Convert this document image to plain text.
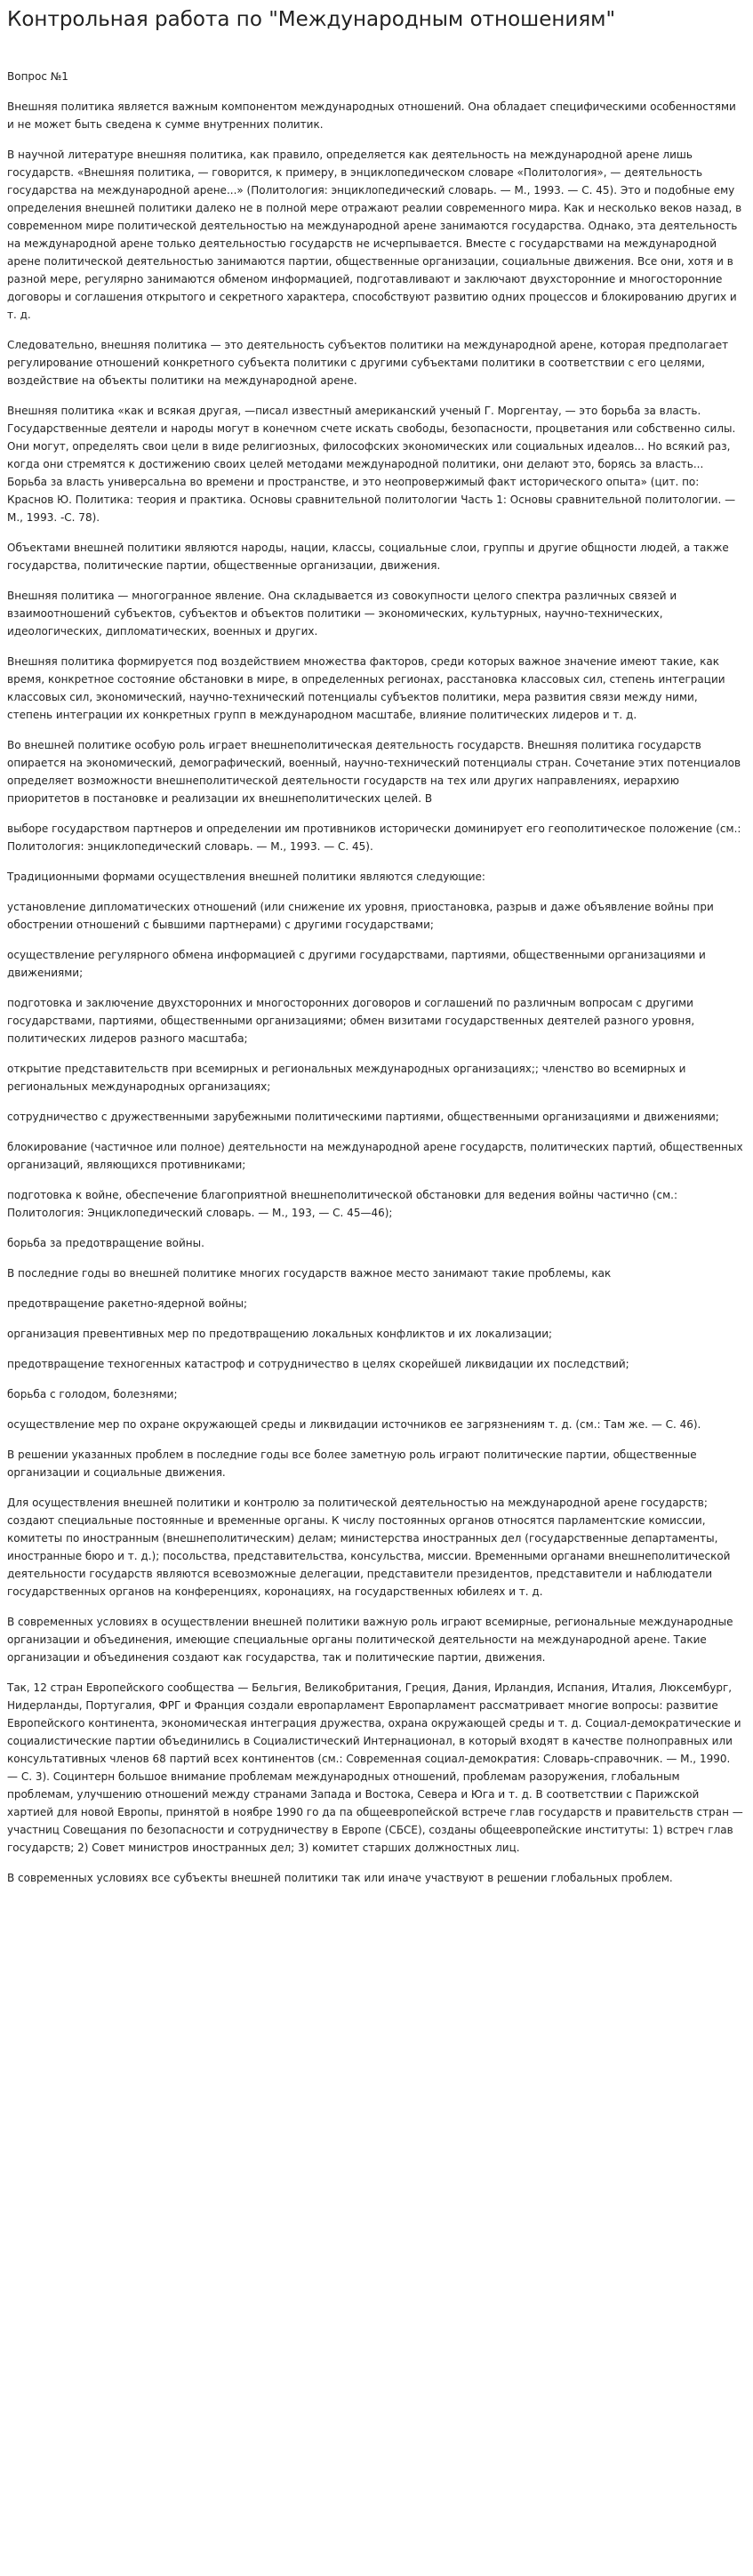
Контрольная работа по "Международным отношениям"
Вопрос №1
Внешняя политика является важным компонентом международных отношений. Она обладает специфическими особенностями и не может быть сведена к сумме внутренних политик.
В научной литературе внешняя политика, как правило, определяется как деятельность на международной арене лишь государств. «Внешняя политика, — говорится, к примеру, в энциклопедическом словаре «Политология», — деятельность государства на международной арене...» (Политология: энциклопедический словарь. — М., 1993. — С. 45). Это и подобные ему определения внешней политики далеко не в полной мере отражают реалии современного мира. Как и несколько веков назад, в современном мире политической деятельностью на международной арене занимаются государства. Однако, эта деятельность на международной арене только деятельностью государств не исчерпывается. Вместе с государствами на международной арене политической деятельностью занимаются партии, общественные организации, социальные движения. Все они, хотя и в разной мере, регулярно занимаются обменом информацией, подготавливают и заключают двухсторонние и многосторонние договоры и соглашения открытого и секретного характера, способствуют развитию одних процессов и блокированию других и т. д.
Следовательно, внешняя политика — это деятельность субъектов политики на международной арене, которая предполагает регулирование отношений конкретного субъекта политики с другими субъектами политики в соответствии с его целями, воздействие на объекты политики на международной арене.
Внешняя политика «как и всякая другая, —писал известный американский ученый Г. Моргентау, — это борьба за власть. Государственные деятели и народы могут в конечном счете искать свободы, безопасности, процветания или собственно силы. Они могут, определять свои цели в виде религиозных, философских экономических или социальных идеалов... Но всякий раз, когда они стремятся к достижению своих целей методами международной политики, они делают это, борясь за власть... Борьба за власть универсальна во времени и пространстве, и это неопровержимый факт исторического опыта» (цит. по: Краснов Ю. Политика: теория и практика. Основы сравнительной политологии Часть 1: Основы сравнительной политологии. — М., 1993. -С. 78).
Объектами внешней политики являются народы, нации, классы, социальные слои, группы и другие общности людей, а также государства, политические партии, общественные организации, движения.
Внешняя политика — многогранное явление. Она складывается из совокупности целого спектра различных связей и взаимоотношений субъектов, субъектов и объектов политики — экономических, культурных, научно-технических, идеологических, дипломатических, военных и других.
Внешняя политика формируется под воздействием множества факторов, среди которых важное значение имеют такие, как время, конкретное состояние обстановки в мире, в определенных регионах, расстановка классовых сил, степень интеграции классовых сил, экономический, научно-технический потенциалы субъектов политики, мера развития связи между ними, степень интеграции их конкретных групп в международном масштабе, влияние политических лидеров и т. д.
Во внешней политике особую роль играет внешнеполитическая деятельность государств. Внешняя политика государств опирается на экономический, демографический, военный, научно-технический потенциалы стран. Сочетание этих потенциалов определяет возможности внешнеполитической деятельности государств на тех или других направлениях, иерархию приоритетов в постановке и реализации их внешнеполитических целей. В
выборе государством партнеров и определении им противников исторически доминирует его геополитическое положение (см.: Политология: энциклопедический словарь. — М., 1993. — С. 45).
Традиционными формами осуществления внешней политики являются следующие:
установление дипломатических отношений (или снижение их уровня, приостановка, разрыв и даже объявление войны при обострении отношений с бывшими партнерами) с другими государствами;
осуществление регулярного обмена информацией с другими государствами, партиями, общественными организациями и движениями;
подготовка и заключение двухсторонних и многосторонних договоров и соглашений по различным вопросам с другими государствами, партиями, общественными организациями; обмен визитами государственных деятелей разного уровня, политических лидеров разного масштаба;
открытие представительств при всемирных и региональных международных организациях;; членство во всемирных и региональных международных организациях;
сотрудничество с дружественными зарубежными политическими партиями, общественными организациями и движениями;
блокирование (частичное или полное) деятельности на международной арене государств, политических партий, общественных организаций, являющихся противниками;
подготовка к войне, обеспечение благоприятной внешнеполитической обстановки для ведения войны частично (см.: Политология: Энциклопедический словарь. — М., 193, — С. 45—46);
борьба за предотвращение войны.
В последние годы во внешней политике многих государств важное место занимают такие проблемы, как
предотвращение ракетно-ядерной войны;
организация превентивных мер по предотвращению локальных конфликтов и их локализации;
предотвращение техногенных катастроф и сотрудничество в целях скорейшей ликвидации их последствий;
борьба с голодом, болезнями;
осуществление мер по охране окружающей среды и ликвидации источников ее загрязнениям т. д. (см.: Там же. — С. 46).
В решении указанных проблем в последние годы все более заметную роль играют политические партии, общественные организации и социальные движения.
Для осуществления внешней политики и контролю за политической деятельностью на международной арене государств; создают специальные постоянные и временные органы. К числу постоянных органов относятся парламентские комиссии, комитеты по иностранным (внешнеполитическим) делам; министерства иностранных дел (государственные департаменты, иностранные бюро и т. д.); посольства, представительства, консульства, миссии. Временными органами внешнеполитической деятельности государств являются всевозможные делегации, представители президентов, представители и наблюдатели государственных органов на конференциях, коронациях, на государственных юбилеях и т. д.
В современных условиях в осуществлении внешней политики важную роль играют всемирные, региональные международные организации и объединения, имеющие специальные органы политической деятельности на международной арене. Такие организации и объединения создают как государства, так и политические партии, движения.
Так, 12 стран Европейского сообщества — Бельгия, Великобритания, Греция, Дания, Ирландия, Испания, Италия, Люксембург, Нидерланды, Португалия, ФРГ и Франция создали европарламент Европарламент рассматривает многие вопросы: развитие Европейского континента, экономическая интеграция дружества, охрана окружающей среды и т. д. Социал-демократические и социалистические партии объединились в Социалистический Интернационал, в который входят в качестве полноправных или консультативных членов 68 партий всех континентов (см.: Современная социал-демократия: Словарь-справочник. — М., 1990. — С. 3). Социнтерн большое внимание проблемам международных отношений, проблемам разоружения, глобальным проблемам, улучшению отношений между странами Запада и Востока, Севера и Юга и т. д. В соответствии с Парижской хартией для новой Европы, принятой в ноябре 1990 го да па общеевропейской встрече глав государств и правительств стран — участниц Совещания по безопасности и сотрудничеству в Европе (СБСЕ), созданы общеевропейские институты: 1) встреч глав государств; 2) Совет министров иностранных дел; 3) комитет старших должностных лиц.
В современных условиях все субъекты внешней политики так или иначе участвуют в решении глобальных проблем.
